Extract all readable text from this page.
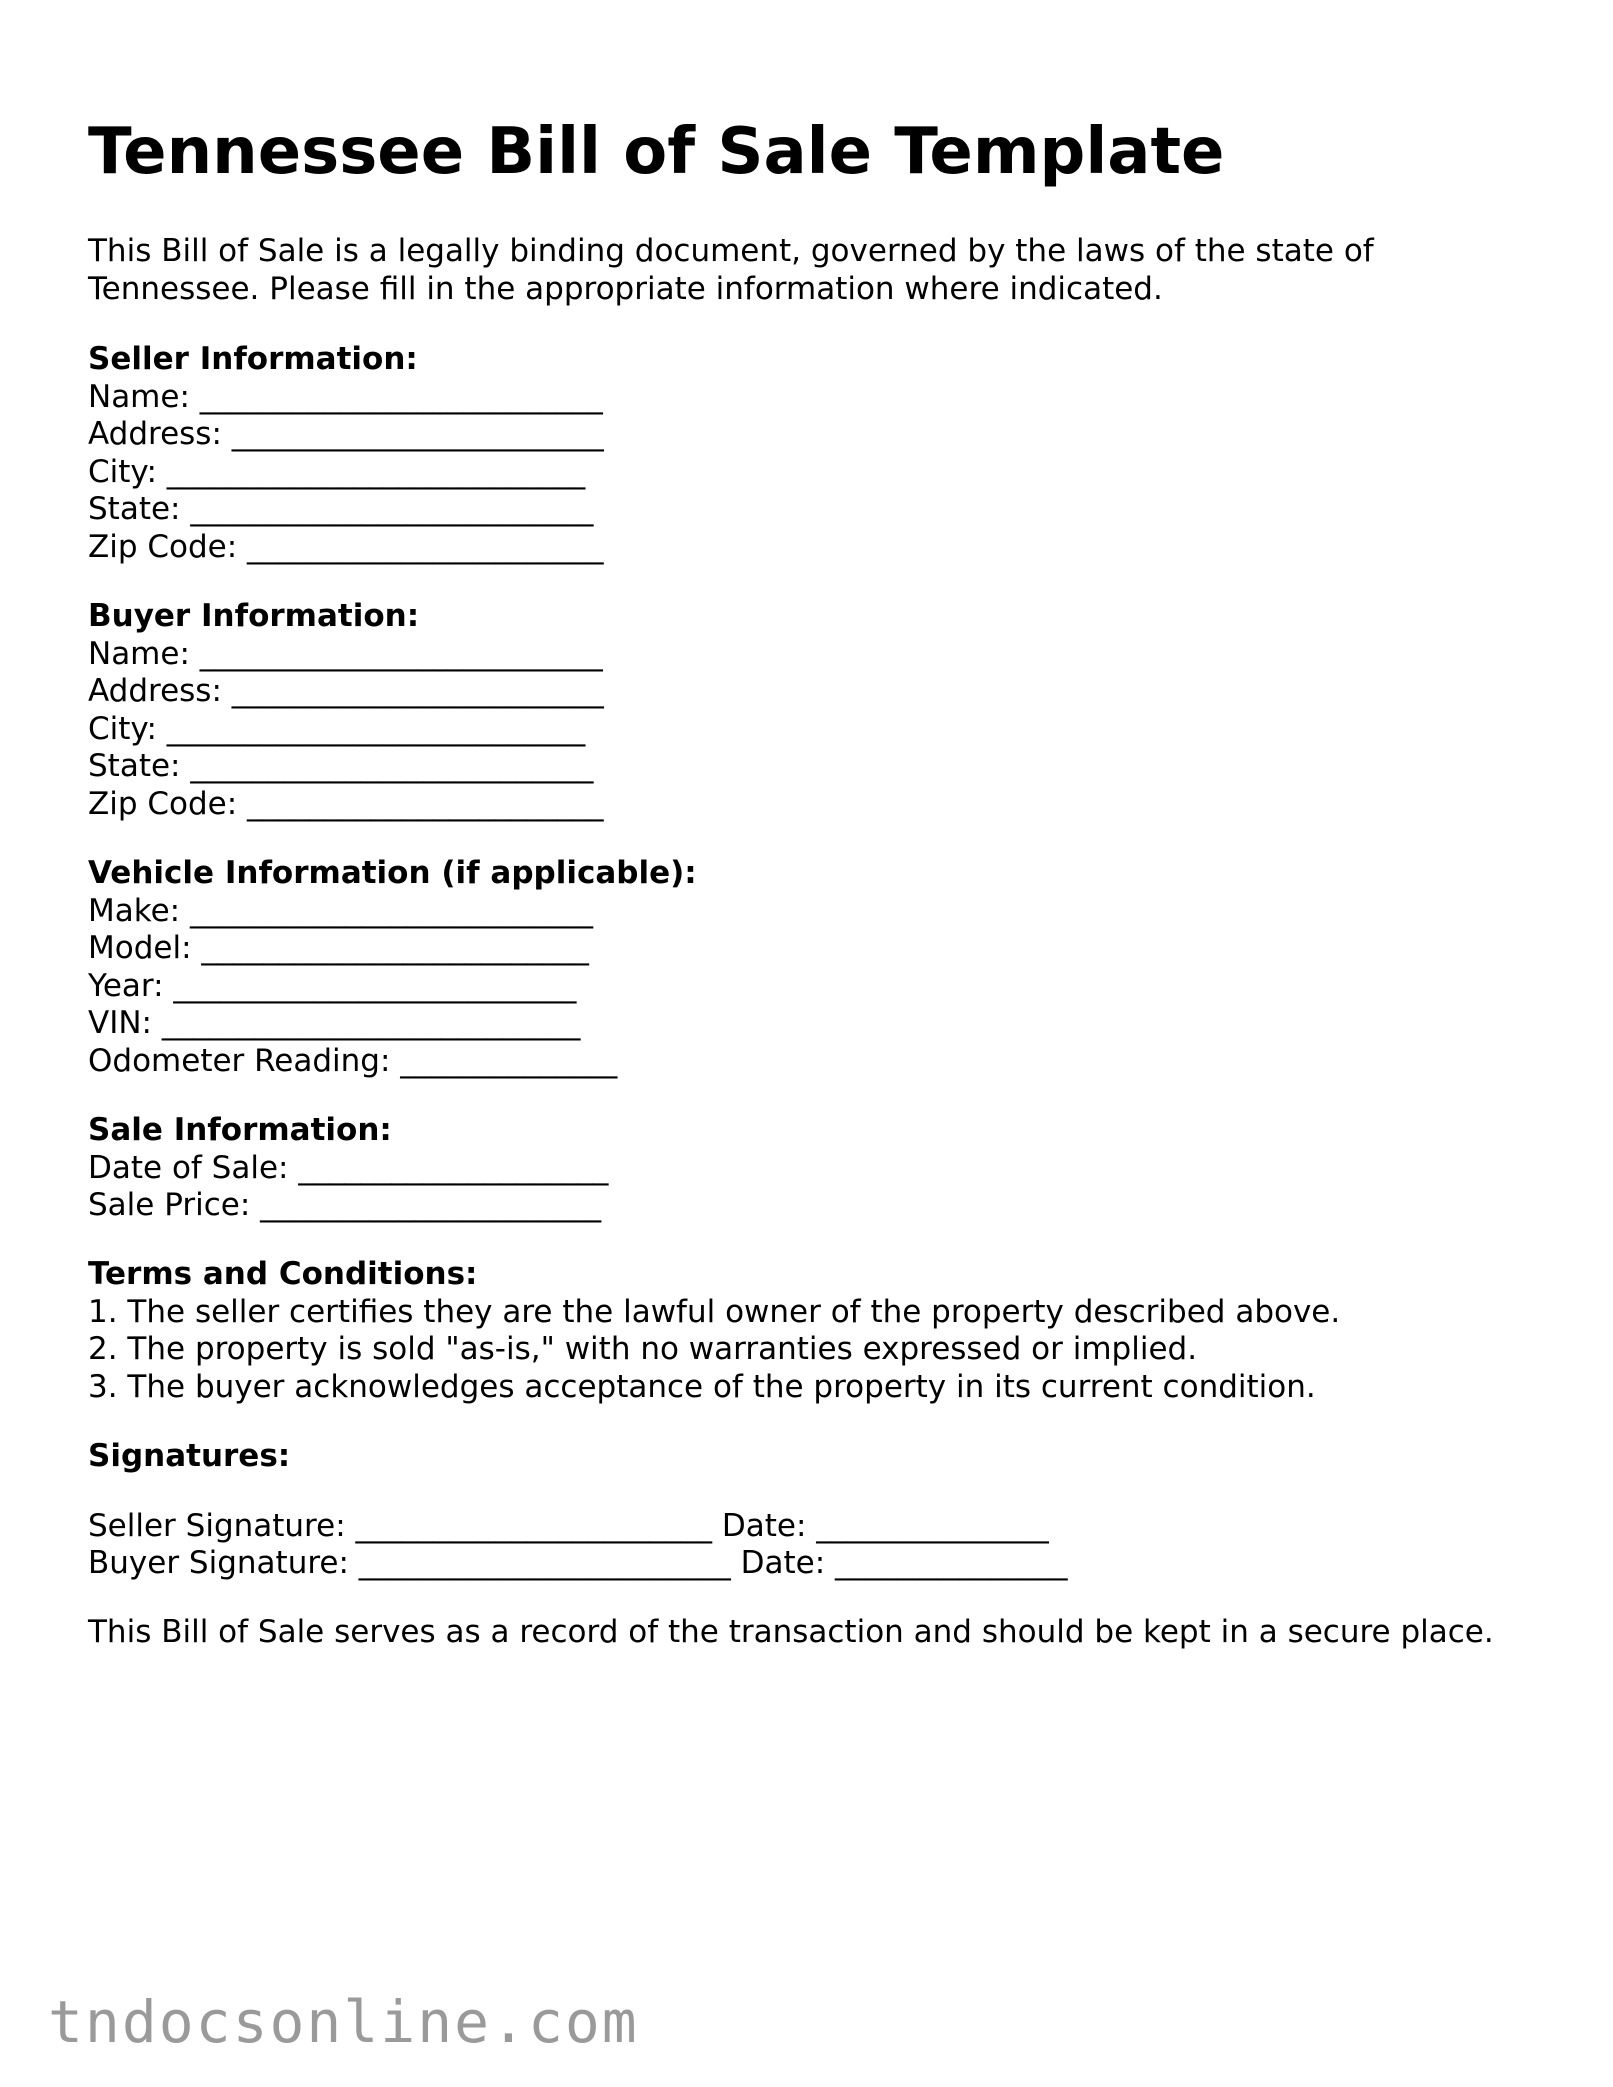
Tennessee Bill of Sale Template

This Bill of Sale is a legally binding document, governed by the laws of the state of Tennessee. Please fill in the appropriate information where indicated.

Seller Information:
Name: __________________________
Address: ________________________
City: ___________________________
State: __________________________
Zip Code: _______________________
Buyer Information:
Name: __________________________
Address: ________________________
City: ___________________________
State: __________________________
Zip Code: _______________________
Vehicle Information (if applicable):
Make: __________________________
Model: _________________________
Year: __________________________
VIN: ___________________________
Odometer Reading: ______________
Sale Information:
Date of Sale: ____________________
Sale Price: ______________________
Terms and Conditions:
1. The seller certifies they are the lawful owner of the property described above.
2. The property is sold "as-is," with no warranties expressed or implied.
3. The buyer acknowledges acceptance of the property in its current condition.
Signatures:
Seller Signature: _______________________ Date: _______________
Buyer Signature: ________________________ Date: _______________
This Bill of Sale serves as a record of the transaction and should be kept in a secure place.
tndocsonline.com
